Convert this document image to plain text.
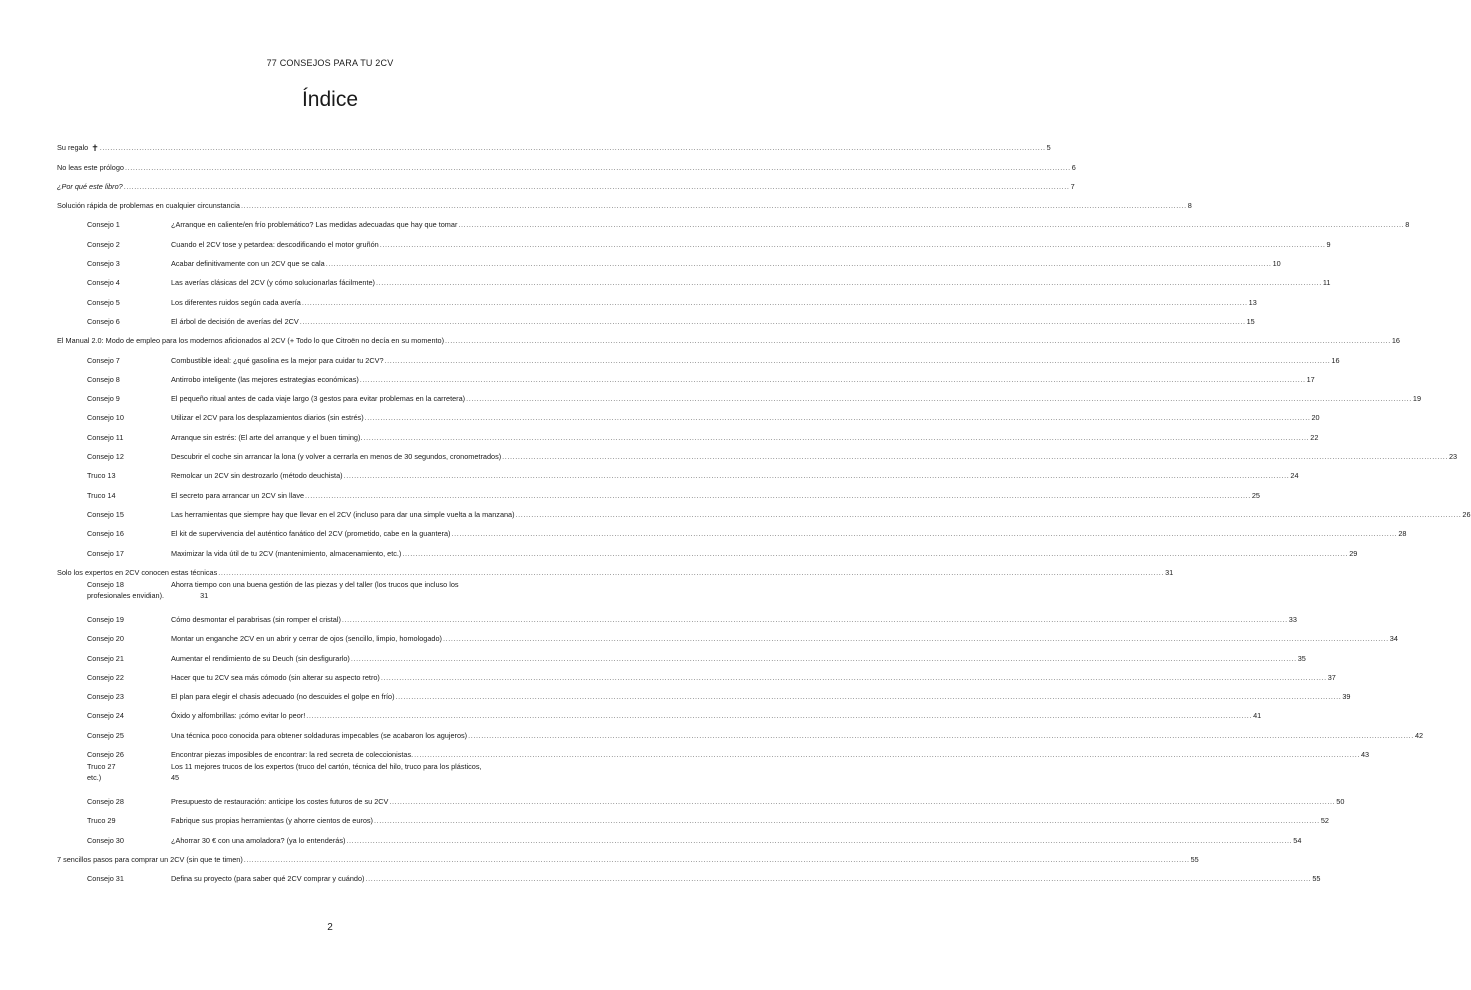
77 CONSEJOS PARA TU 2CV
Índice
Su regalo ✝ .....	5
No leas este prólogo .....	6
¿Por qué este libro? .....	7
Solución rápida de problemas en cualquier circunstancia .....	8
Consejo 1	¿Arranque en caliente/en frío problemático? Las medidas adecuadas que hay que tomar .....	8
Consejo 2	Cuando el 2CV tose y petardea: descodificando el motor gruñón .....	9
Consejo 3	Acabar definitivamente con un 2CV que se cala .....	10
Consejo 4	Las averías clásicas del 2CV (y cómo solucionarlas fácilmente) .....	11
Consejo 5	Los diferentes ruidos según cada avería .....	13
Consejo 6	El árbol de decisión de averías del 2CV .....	15
El Manual 2.0: Modo de empleo para los modernos aficionados al 2CV (+ Todo lo que Citroën no decía en su momento) .....	16
Consejo 7	Combustible ideal: ¿qué gasolina es la mejor para cuidar tu 2CV? .....	16
Consejo 8	Antirrobo inteligente (las mejores estrategias económicas) .....	17
Consejo 9	El pequeño ritual antes de cada viaje largo (3 gestos para evitar problemas en la carretera) .....	19
Consejo 10	Utilizar el 2CV para los desplazamientos diarios (sin estrés) .....	20
Consejo 11	Arranque sin estrés: (El arte del arranque y el buen timing). .....	22
Consejo 12	Descubrir el coche sin arrancar la lona (y volver a cerrarla en menos de 30 segundos, cronometrados) .....	23
Truco 13	Remolcar un 2CV sin destrozarlo (método deuchista) .....	24
Truco 14	El secreto para arrancar un 2CV sin llave .....	25
Consejo 15	Las herramientas que siempre hay que llevar en el 2CV (incluso para dar una simple vuelta a la manzana) .....	26
Consejo 16	El kit de supervivencia del auténtico fanático del 2CV (prometido, cabe en la guantera) .....	28
Consejo 17	Maximizar la vida útil de tu 2CV (mantenimiento, almacenamiento, etc.) .....	29
Solo los expertos en 2CV conocen estas técnicas .....	31
Consejo 18	Ahorra tiempo con una buena gestión de las piezas y del taller (los trucos que incluso los
profesionales envidian).	31
Consejo 19	Cómo desmontar el parabrisas (sin romper el cristal) .....	33
Consejo 20	Montar un enganche 2CV en un abrir y cerrar de ojos (sencillo, limpio, homologado) .....	34
Consejo 21	Aumentar el rendimiento de su Deuch (sin desfigurarlo) .....	35
Consejo 22	Hacer que tu 2CV sea más cómodo (sin alterar su aspecto retro) .....	37
Consejo 23	El plan para elegir el chasis adecuado (no descuides el golpe en frío) .....	39
Consejo 24	Óxido y alfombrillas: ¡cómo evitar lo peor! .....	41
Consejo 25	Una técnica poco conocida para obtener soldaduras impecables (se acabaron los agujeros) .....	42
Consejo 26	Encontrar piezas imposibles de encontrar: la red secreta de coleccionistas. .....	43
Truco 27	Los 11 mejores trucos de los expertos (truco del cartón, técnica del hilo, truco para los plásticos,
etc.)	45
Consejo 28	Presupuesto de restauración: anticipe los costes futuros de su 2CV .....	50
Truco 29	Fabrique sus propias herramientas (y ahorre cientos de euros) .....	52
Consejo 30	¿Ahorrar 30 € con una amoladora? (ya lo entenderás) .....	54
7 sencillos pasos para comprar un 2CV (sin que te timen) .....	55
Consejo 31	Defina su proyecto (para saber qué 2CV comprar y cuándo) .....	55
2
